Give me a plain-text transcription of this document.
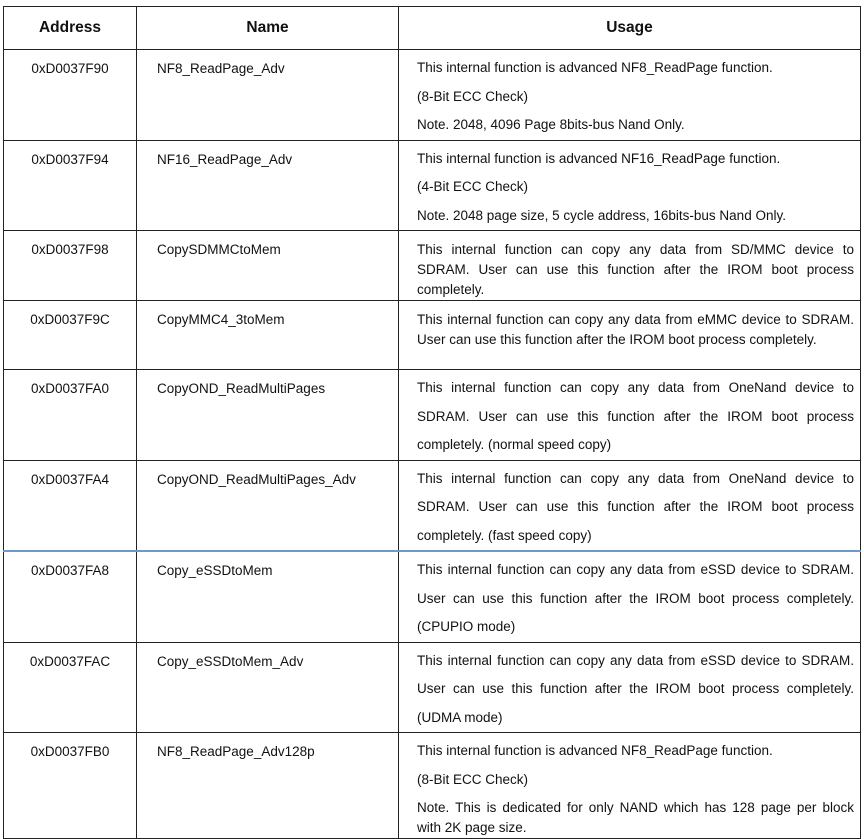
Address	Name	Usage
0xD0037F90	NF8_ReadPage_Adv	This internal function is advanced NF8_ReadPage function.
(8-Bit ECC Check)
Note. 2048, 4096 Page 8bits-bus Nand Only.

0xD0037F94	NF16_ReadPage_Adv	This internal function is advanced NF16_ReadPage function.
(4-Bit ECC Check)
Note. 2048 page size, 5 cycle address, 16bits-bus Nand Only.

0xD0037F98	CopySDMMCtoMem	This internal function can copy any data from SD/MMC device to SDRAM. User can use this function after the IROM boot process completely.

0xD0037F9C	CopyMMC4_3toMem	This internal function can copy any data from eMMC device to SDRAM. User can use this function after the IROM boot process completely.

0xD0037FA0	CopyOND_ReadMultiPages	This internal function can copy any data from OneNand device to SDRAM. User can use this function after the IROM boot process completely. (normal speed copy)

0xD0037FA4	CopyOND_ReadMultiPages_Adv	This internal function can copy any data from OneNand device to SDRAM. User can use this function after the IROM boot process completely. (fast speed copy)

0xD0037FA8	Copy_eSSDtoMem	This internal function can copy any data from eSSD device to SDRAM. User can use this function after the IROM boot process completely. (CPUPIO mode)

0xD0037FAC	Copy_eSSDtoMem_Adv	This internal function can copy any data from eSSD device to SDRAM. User can use this function after the IROM boot process completely. (UDMA mode)

0xD0037FB0	NF8_ReadPage_Adv128p	This internal function is advanced NF8_ReadPage function.
(8-Bit ECC Check)
Note. This is dedicated for only NAND which has 128 page per block with 2K page size.
